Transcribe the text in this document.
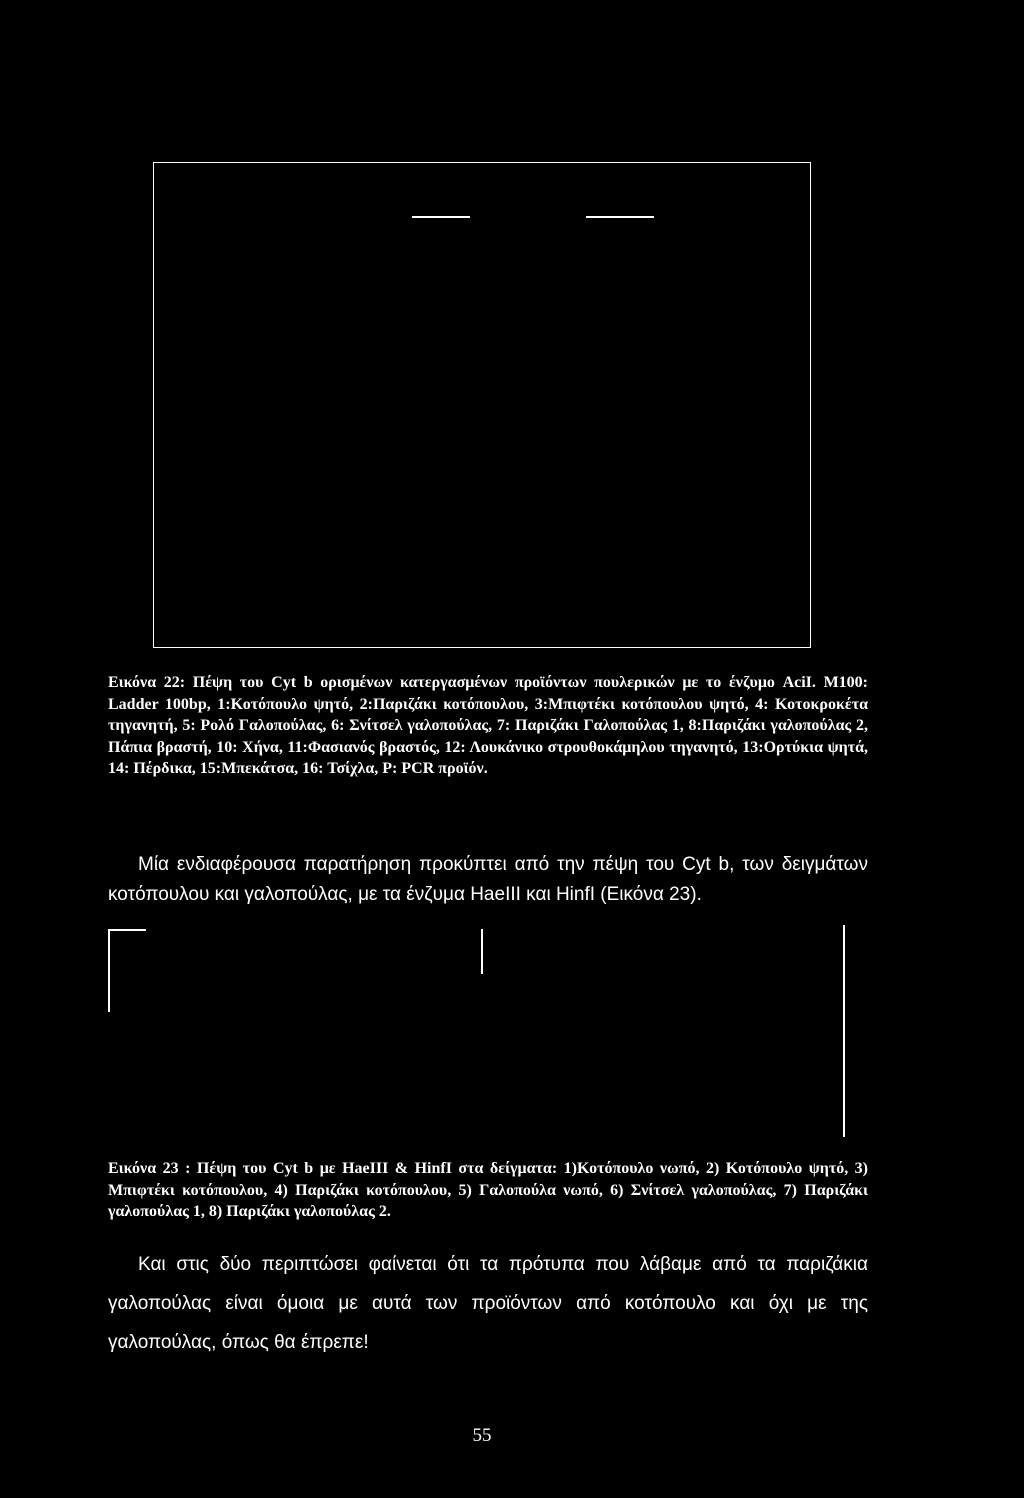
Εικόνα 22: Πέψη του Cyt b ορισμένων κατεργασμένων προϊόντων πουλερικών με το ένζυμο AciI. M100: Ladder 100bp, 1:Κοτόπουλο ψητό, 2:Παριζάκι κοτόπουλου, 3:Μπιφτέκι κοτόπουλου ψητό, 4: Κοτοκροκέτα τηγανητή, 5: Ρολό Γαλοπούλας, 6: Σνίτσελ γαλοπούλας, 7: Παριζάκι Γαλοπούλας 1, 8:Παριζάκι γαλοπούλας 2, Πάπια βραστή, 10: Χήνα, 11:Φασιανός βραστός, 12: Λουκάνικο στρουθοκάμηλου τηγανητό, 13:Ορτύκια ψητά, 14: Πέρδικα, 15:Μπεκάτσα, 16: Τσίχλα, P: PCR προϊόν.
Μία ενδιαφέρουσα παρατήρηση προκύπτει από την πέψη του Cyt b, των δειγμάτων κοτόπουλου και γαλοπούλας, με τα ένζυμα HaeIII και HinfI (Εικόνα 23).
Εικόνα 23 : Πέψη του Cyt b με HaeIII & HinfI στα δείγματα: 1)Κοτόπουλο νωπό, 2) Κοτόπουλο ψητό, 3) Μπιφτέκι κοτόπουλου, 4) Παριζάκι κοτόπουλου, 5) Γαλοπούλα νωπό, 6) Σνίτσελ γαλοπούλας, 7) Παριζάκι γαλοπούλας 1, 8) Παριζάκι γαλοπούλας 2.
Και στις δύο περιπτώσει φαίνεται ότι τα πρότυπα που λάβαμε από τα παριζάκια γαλοπούλας είναι όμοια με αυτά των προϊόντων από κοτόπουλο και όχι με της γαλοπούλας, όπως θα έπρεπε!
55
